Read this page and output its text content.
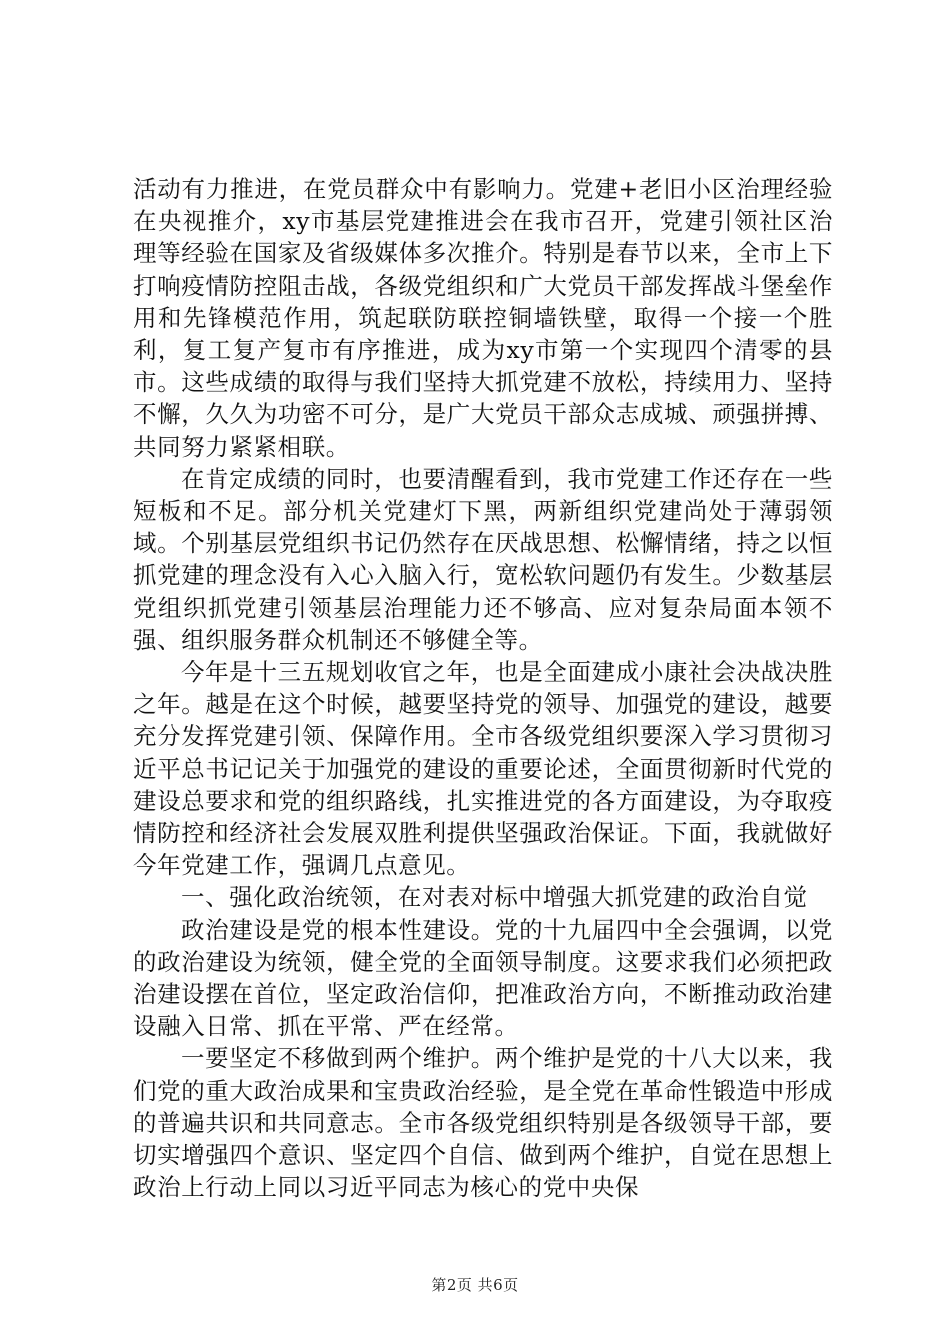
活动有力推进，在党员群众中有影响力。党建+老旧小区治理经验在央视推介，xy市基层党建推进会在我市召开，党建引领社区治理等经验在国家及省级媒体多次推介。特别是春节以来，全市上下打响疫情防控阻击战，各级党组织和广大党员干部发挥战斗堡垒作用和先锋模范作用，筑起联防联控铜墙铁壁，取得一个接一个胜利，复工复产复市有序推进，成为xy市第一个实现四个清零的县市。这些成绩的取得与我们坚持大抓党建不放松，持续用力、坚持不懈，久久为功密不可分，是广大党员干部众志成城、顽强拼搏、共同努力紧紧相联。

在肯定成绩的同时，也要清醒看到，我市党建工作还存在一些短板和不足。部分机关党建灯下黑，两新组织党建尚处于薄弱领域。个别基层党组织书记仍然存在厌战思想、松懈情绪，持之以恒抓党建的理念没有入心入脑入行，宽松软问题仍有发生。少数基层党组织抓党建引领基层治理能力还不够高、应对复杂局面本领不强、组织服务群众机制还不够健全等。

今年是十三五规划收官之年，也是全面建成小康社会决战决胜之年。越是在这个时候，越要坚持党的领导、加强党的建设，越要充分发挥党建引领、保障作用。全市各级党组织要深入学习贯彻习近平总书记记关于加强党的建设的重要论述，全面贯彻新时代党的建设总要求和党的组织路线，扎实推进党的各方面建设，为夺取疫情防控和经济社会发展双胜利提供坚强政治保证。下面，我就做好今年党建工作，强调几点意见。

一、强化政治统领，在对表对标中增强大抓党建的政治自觉

政治建设是党的根本性建设。党的十九届四中全会强调，以党的政治建设为统领，健全党的全面领导制度。这要求我们必须把政治建设摆在首位，坚定政治信仰，把准政治方向，不断推动政治建设融入日常、抓在平常、严在经常。

一要坚定不移做到两个维护。两个维护是党的十八大以来，我们党的重大政治成果和宝贵政治经验，是全党在革命性锻造中形成的普遍共识和共同意志。全市各级党组织特别是各级领导干部，要切实增强四个意识、坚定四个自信、做到两个维护，自觉在思想上政治上行动上同以习近平同志为核心的党中央保

第2页 共6页
